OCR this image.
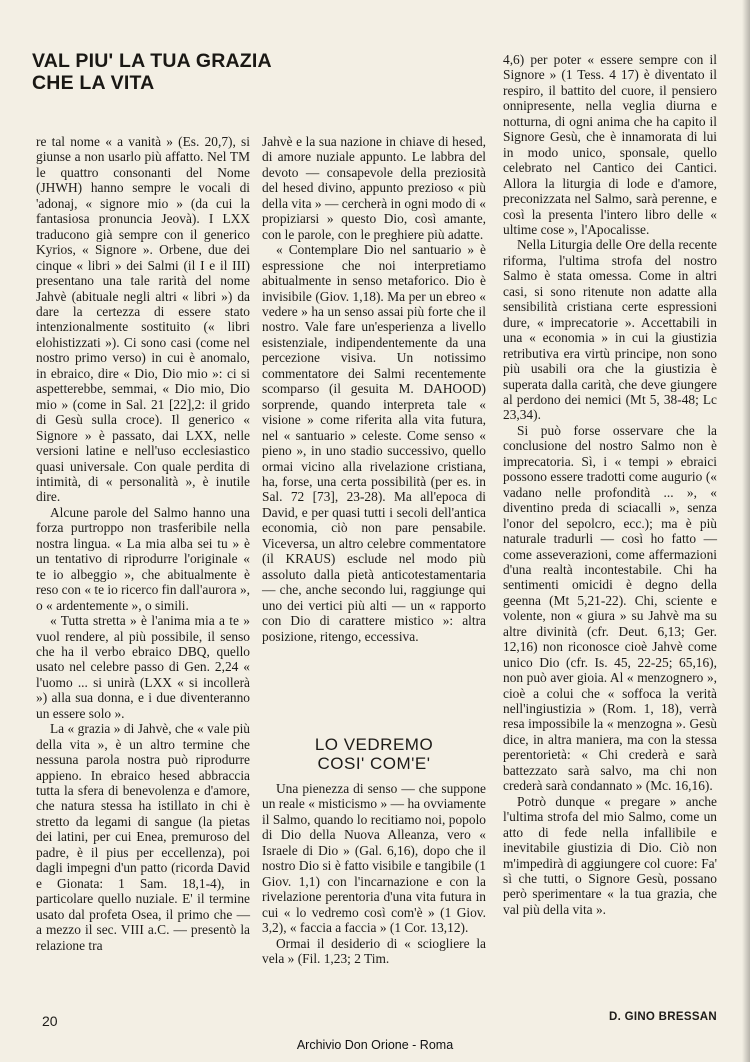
VAL PIU' LA TUA GRAZIA
CHE LA VITA

re tal nome « a vanità » (Es. 20,7), si giunse a non usarlo più affatto. Nel TM le quattro consonanti del Nome (JHWH) hanno sempre le vocali di 'adonaj, « signore mio » (da cui la fantasiosa pronuncia Jeovà). I LXX traducono già sempre con il generico Kyrios, « Signore ». Orbene, due dei cinque « libri » dei Salmi (il I e il III) presentano una tale rarità del nome Jahvè (abituale negli altri « libri ») da dare la certezza di essere stato intenzionalmente sostituito (« libri elohistizzati »). Ci sono casi (come nel nostro primo verso) in cui è anomalo, in ebraico, dire « Dio, Dio mio »: ci si aspetterebbe, semmai, « Dio mio, Dio mio » (come in Sal. 21 [22],2: il grido di Gesù sulla croce). Il generico « Signore » è passato, dai LXX, nelle versioni latine e nell'uso ecclesiastico quasi universale. Con quale perdita di intimità, di « personalità », è inutile dire.

Alcune parole del Salmo hanno una forza purtroppo non trasferibile nella nostra lingua. « La mia alba sei tu » è un tentativo di riprodurre l'originale « te io albeggio », che abitualmente è reso con « te io ricerco fin dall'aurora », o « ardentemente », o simili.

« Tutta stretta » è l'anima mia a te » vuol rendere, al più possibile, il senso che ha il verbo ebraico DBQ, quello usato nel celebre passo di Gen. 2,24 « l'uomo ... si unirà (LXX « si incollerà ») alla sua donna, e i due diventeranno un essere solo ».

La « grazia » di Jahvè, che « vale più della vita », è un altro termine che nessuna parola nostra può riprodurre appieno. In ebraico hesed abbraccia tutta la sfera di benevolenza e d'amore, che natura stessa ha istillato in chi è stretto da legami di sangue (la pietas dei latini, per cui Enea, premuroso del padre, è il pius per eccellenza), poi dagli impegni d'un patto (ricorda David e Gionata: 1 Sam. 18,1-4), in particolare quello nuziale. E' il termine usato dal profeta Osea, il primo che — a mezzo il sec. VIII a.C. — presentò la relazione tra

Jahvè e la sua nazione in chiave di hesed, di amore nuziale appunto. Le labbra del devoto — consapevole della preziosità del hesed divino, appunto prezioso « più della vita » — cercherà in ogni modo di « propiziarsi » questo Dio, così amante, con le parole, con le preghiere più adatte.

« Contemplare Dio nel santuario » è espressione che noi interpretiamo abitualmente in senso metaforico. Dio è invisibile (Giov. 1,18). Ma per un ebreo « vedere » ha un senso assai più forte che il nostro. Vale fare un'esperienza a livello esistenziale, indipendentemente da una percezione visiva. Un notissimo commentatore dei Salmi recentemente scomparso (il gesuita M. DAHOOD) sorprende, quando interpreta tale « visione » come riferita alla vita futura, nel « santuario » celeste. Come senso « pieno », in uno stadio successivo, quello ormai vicino alla rivelazione cristiana, ha, forse, una certa possibilità (per es. in Sal. 72 [73], 23-28). Ma all'epoca di David, e per quasi tutti i secoli dell'antica economia, ciò non pare pensabile. Viceversa, un altro celebre commentatore (il KRAUS) esclude nel modo più assoluto dalla pietà anticotestamentaria — che, anche secondo lui, raggiunge qui uno dei vertici più alti — un « rapporto con Dio di carattere mistico »: altra posizione, ritengo, eccessiva.

LO VEDREMO
COSI' COM'E'

Una pienezza di senso — che suppone un reale « misticismo » — ha ovviamente il Salmo, quando lo recitiamo noi, popolo di Dio della Nuova Alleanza, vero « Israele di Dio » (Gal. 6,16), dopo che il nostro Dio si è fatto visibile e tangibile (1 Giov. 1,1) con l'incarnazione e con la rivelazione perentoria d'una vita futura in cui « lo vedremo così com'è » (1 Giov. 3,2), « faccia a faccia » (1 Cor. 13,12).

Ormai il desiderio di « sciogliere la vela » (Fil. 1,23; 2 Tim.

4,6) per poter « essere sempre con il Signore » (1 Tess. 4 17) è diventato il respiro, il battito del cuore, il pensiero onnipresente, nella veglia diurna e notturna, di ogni anima che ha capito il Signore Gesù, che è innamorata di lui in modo unico, sponsale, quello celebrato nel Cantico dei Cantici. Allora la liturgia di lode e d'amore, preconizzata nel Salmo, sarà perenne, e così la presenta l'intero libro delle « ultime cose », l'Apocalisse.

Nella Liturgia delle Ore della recente riforma, l'ultima strofa del nostro Salmo è stata omessa. Come in altri casi, si sono ritenute non adatte alla sensibilità cristiana certe espressioni dure, « imprecatorie ». Accettabili in una « economia » in cui la giustizia retributiva era virtù principe, non sono più usabili ora che la giustizia è superata dalla carità, che deve giungere al perdono dei nemici (Mt 5, 38-48; Lc 23,34).

Si può forse osservare che la conclusione del nostro Salmo non è imprecatoria. Sì, i « tempi » ebraici possono essere tradotti come augurio (« vadano nelle profondità ... », « diventino preda di sciacalli », senza l'onor del sepolcro, ecc.); ma è più naturale tradurli — così ho fatto — come asseverazioni, come affermazioni d'una realtà incontestabile. Chi ha sentimenti omicidi è degno della geenna (Mt 5,21-22). Chi, sciente e volente, non « giura » su Jahvè ma su altre divinità (cfr. Deut. 6,13; Ger. 12,16) non riconosce cioè Jahvè come unico Dio (cfr. Is. 45, 22-25; 65,16), non può aver gioia. Al « menzognero », cioè a colui che « soffoca la verità nell'ingiustizia » (Rom. 1, 18), verrà resa impossibile la « menzogna ». Gesù dice, in altra maniera, ma con la stessa perentorietà: « Chi crederà e sarà battezzato sarà salvo, ma chi non crederà sarà condannato » (Mc. 16,16).

Potrò dunque « pregare » anche l'ultima strofa del mio Salmo, come un atto di fede nella infallibile e inevitabile giustizia di Dio. Ciò non m'impedirà di aggiungere col cuore: Fa' sì che tutti, o Signore Gesù, possano però sperimentare « la tua grazia, che val più della vita ».

D. GINO BRESSAN
20
Archivio Don Orione - Roma
